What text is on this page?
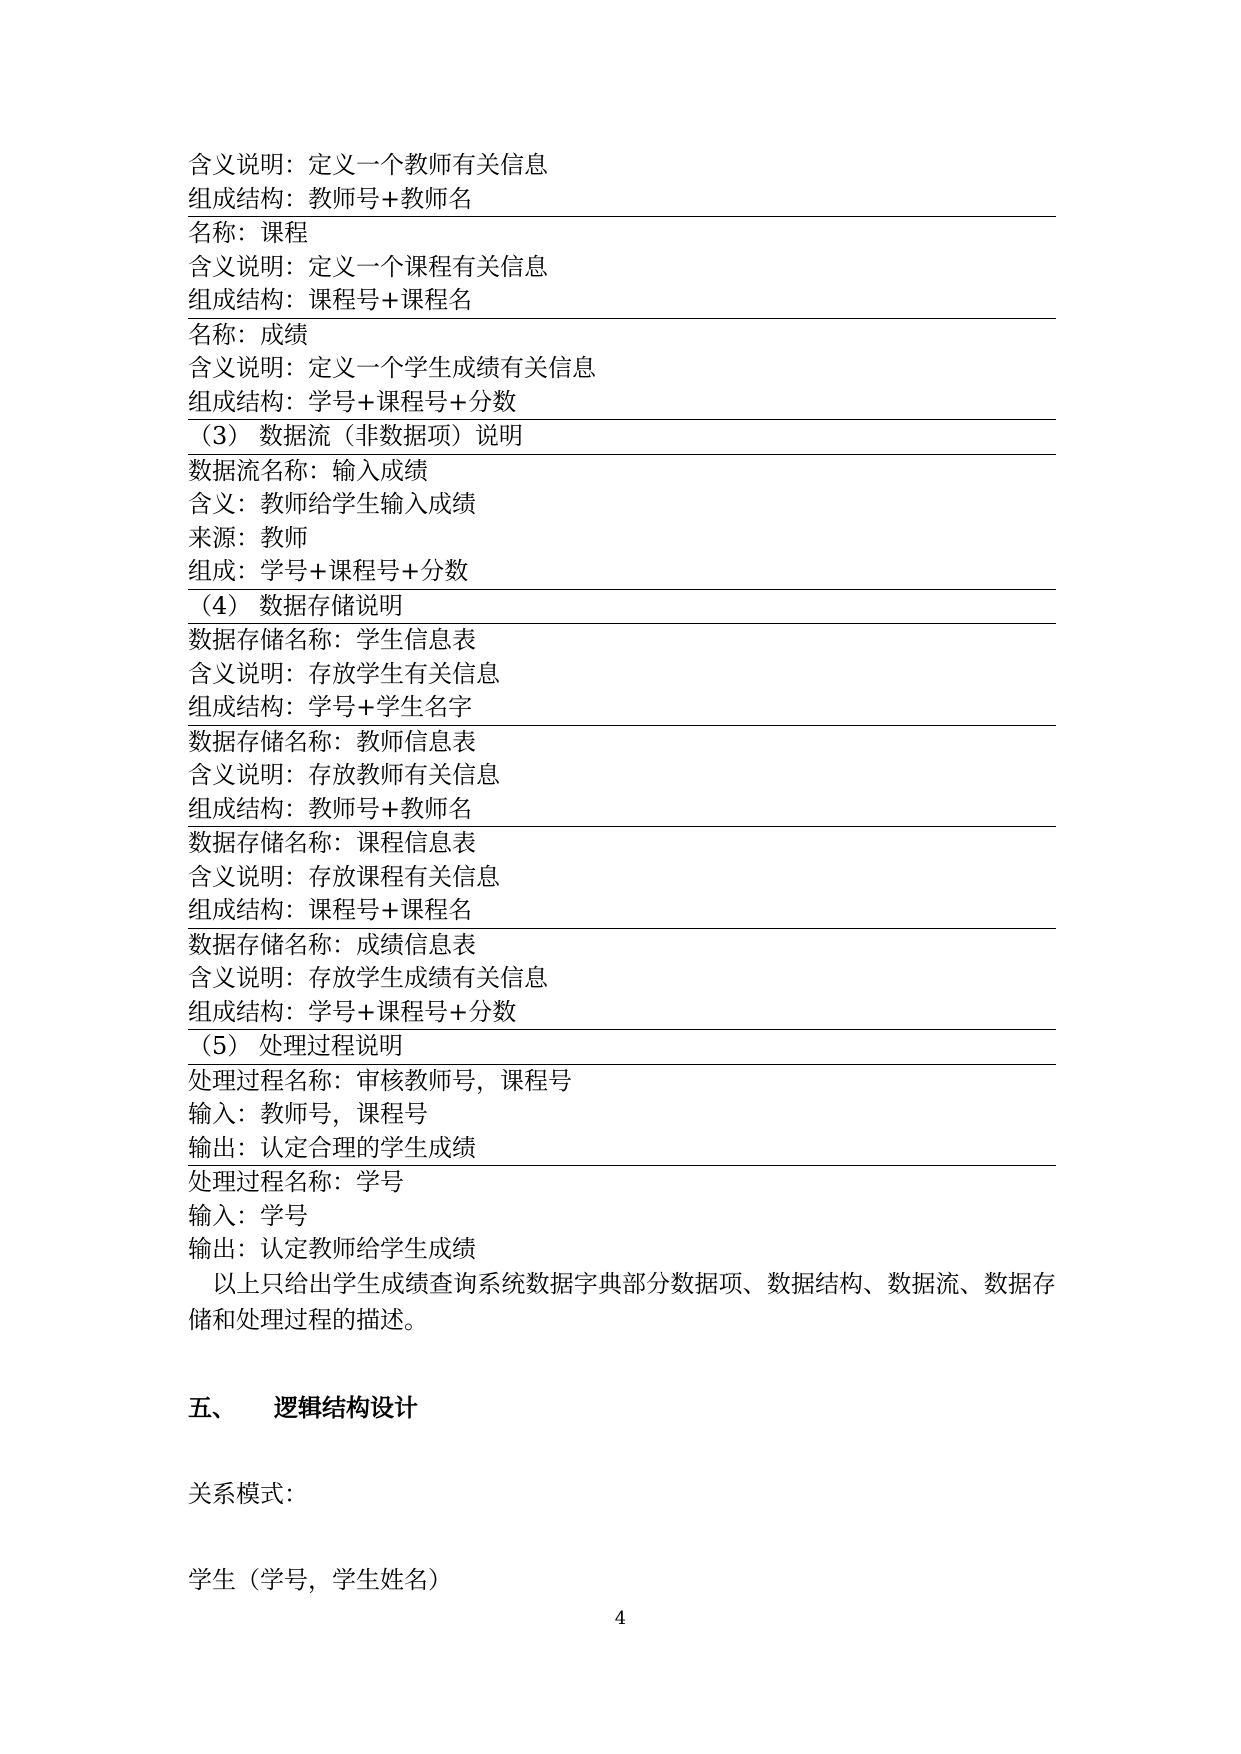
含义说明：定义一个教师有关信息
组成结构：教师号+教师名
名称：课程
含义说明：定义一个课程有关信息
组成结构：课程号+课程名
名称：成绩
含义说明：定义一个学生成绩有关信息
组成结构：学号+课程号+分数
（3） 数据流（非数据项）说明
数据流名称：输入成绩
含义：教师给学生输入成绩
来源：教师
组成：学号+课程号+分数
（4） 数据存储说明
数据存储名称：学生信息表
含义说明：存放学生有关信息
组成结构：学号+学生名字
数据存储名称：教师信息表
含义说明：存放教师有关信息
组成结构：教师号+教师名
数据存储名称：课程信息表
含义说明：存放课程有关信息
组成结构：课程号+课程名
数据存储名称：成绩信息表
含义说明：存放学生成绩有关信息
组成结构：学号+课程号+分数
（5） 处理过程说明
处理过程名称：审核教师号，课程号
输入：教师号，课程号
输出：认定合理的学生成绩
处理过程名称：学号
输入：学号
输出：认定教师给学生成绩
以上只给出学生成绩查询系统数据字典部分数据项、数据结构、数据流、数据存储和处理过程的描述。
五、 逻辑结构设计
关系模式：
学生（学号，学生姓名）
4
